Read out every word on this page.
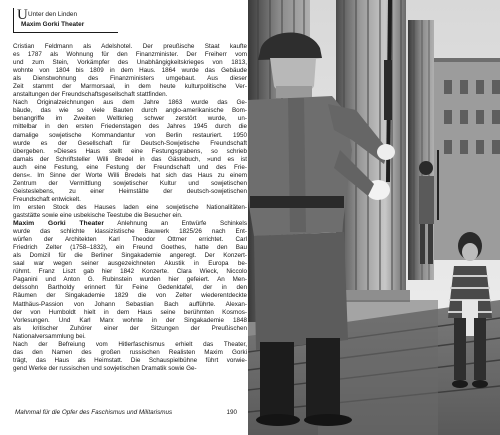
U Unter den Linden
Maxim Gorki Theater
Cristian Feldmann als Adelshotel. Der preußische Staat kaufte
es 1787 als Wohnung für den Finanzminister. Der Freiherr vom
und zum Stein, Vorkämpfer des Unabhängigkeitskrieges von 1813,
wohnte von 1804 bis 1809 in dem Haus. 1864 wurde das Gebäude
als Dienstwohnung des Finanzministers umgebaut. Aus dieser
Zeit stammt der Marmorsaal, in dem heute kulturpolitische Ver-
anstaltungen der Freundschaftsgesellschaft stattfinden.
Nach Originalzeichnungen aus dem Jahre 1863 wurde das Ge-
bäude, das wie so viele Bauten durch anglo-amerikanische Bom-
benangriffe im Zweiten Weltkrieg schwer zerstört wurde, un-
mittelbar in den ersten Friedenstagen des Jahres 1945 durch die
damalige sowjetische Kommandantur von Berlin restauriert. 1950
wurde es der Gesellschaft für Deutsch-Sowjetische Freundschaft
übergeben. »Dieses Haus stellt eine Festungsgrabens, so schrieb
damals der Schriftsteller Willi Bredel in das Gästebuch, »und es ist
auch eine Festung, eine Festung der Freundschaft und des Frie-
dens«. Im Sinne der Worte Willi Bredels hat sich das Haus zu einem
Zentrum der Vermittlung sowjetischer Kultur und sowjetischen
Geisteslebens, zu einer Heimstätte der deutsch-sowjetischen
Freundschaft entwickelt.
Im ersten Stock des Hauses laden eine sowjetische Nationalitäten-
gaststätte sowie eine usbekische Teestube die Besucher ein.
Maxim Gorki Theater Anlehnung an Entwürfe Schinkels
wurde das schlichte klassizistische Bauwerk 1825/26 nach Ent-
würfen der Architekten Karl Theodor Ottmer errichtet. Carl
Friedrich Zelter (1758–1832), ein Freund Goethes, hatte den Bau
als Domizil für die Berliner Singakademie angeregt. Der Konzert-
saal war wegen seiner ausgezeichneten Akustik in Europa be-
rühmt. Franz Liszt gab hier 1842 Konzerte. Clara Wieck, Niccolo
Paganini und Anton G. Rubinstein wurden hier gefeiert. An Men-
delssohn Bartholdy erinnert für Feine Gedenktafel, der in den
Räumen der Singakademie 1829 die von Zelter wiederentdeckte
Matthäus-Passion von Johann Sebastian Bach aufführte. Alexan-
der von Humboldt hielt in dem Haus seine berühmten Kosmos-
Vorlesungen. Und Karl Marx wohnte in der Singakademie 1848
als kritischer Zuhörer einer der Sitzungen der Preußischen
Nationalversammlung bei.
Nach der Befreiung vom Hitlerfaschismus erhielt das Theater,
das den Namen des großen russischen Realisten Maxim Gorki
trägt, das Haus als Heimstatt. Die Schauspielbühne führt vorwie-
gend Werke der russischen und sowjetischen Dramatik sowie Ge-
Mahnmal für die Opfer des Faschismus und Militarismus	190
